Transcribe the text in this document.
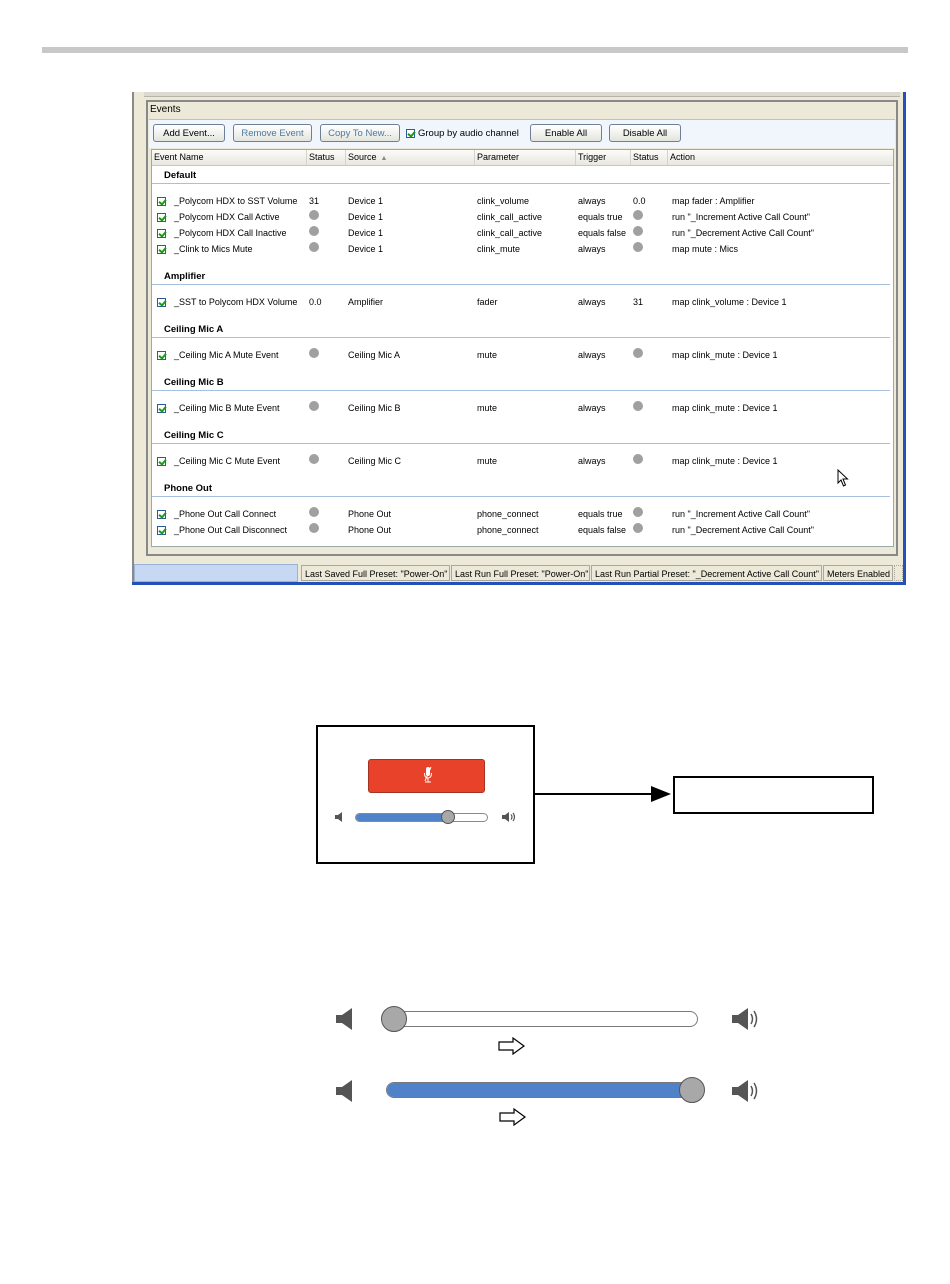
Events
Add Event...	Remove Event	Copy To New...	Group by audio channel	Enable All	Disable All
Event Name	Status	Source ▲	Parameter	Trigger	Status	Action
Default
_Polycom HDX to SST Volume 31	Device 1	clink_volume	always	0.0	map fader : Amplifier
_Polycom HDX Call Active	Device 1	clink_call_active	equals true	run "_Increment Active Call Count"
_Polycom HDX Call Inactive	Device 1	clink_call_active	equals false	run "_Decrement Active Call Count"
_Clink to Mics Mute	Device 1	clink_mute	always	map mute : Mics
Amplifier
_SST to Polycom HDX Volume 0.0	Amplifier	fader	always	31	map clink_volume : Device 1
Ceiling Mic A
_Ceiling Mic A Mute Event	Ceiling Mic A	mute	always	map clink_mute : Device 1
Ceiling Mic B
_Ceiling Mic B Mute Event	Ceiling Mic B	mute	always	map clink_mute : Device 1
Ceiling Mic C
_Ceiling Mic C Mute Event	Ceiling Mic C	mute	always	map clink_mute : Device 1
Phone Out
_Phone Out Call Connect	Phone Out	phone_connect	equals true	run "_Increment Active Call Count"
_Phone Out Call Disconnect	Phone Out	phone_connect	equals false	run "_Decrement Active Call Count"
Last Saved Full Preset: "Power-On" Last Run Full Preset: "Power-On" Last Run Partial Preset: "_Decrement Active Call Count" Meters Enabled
